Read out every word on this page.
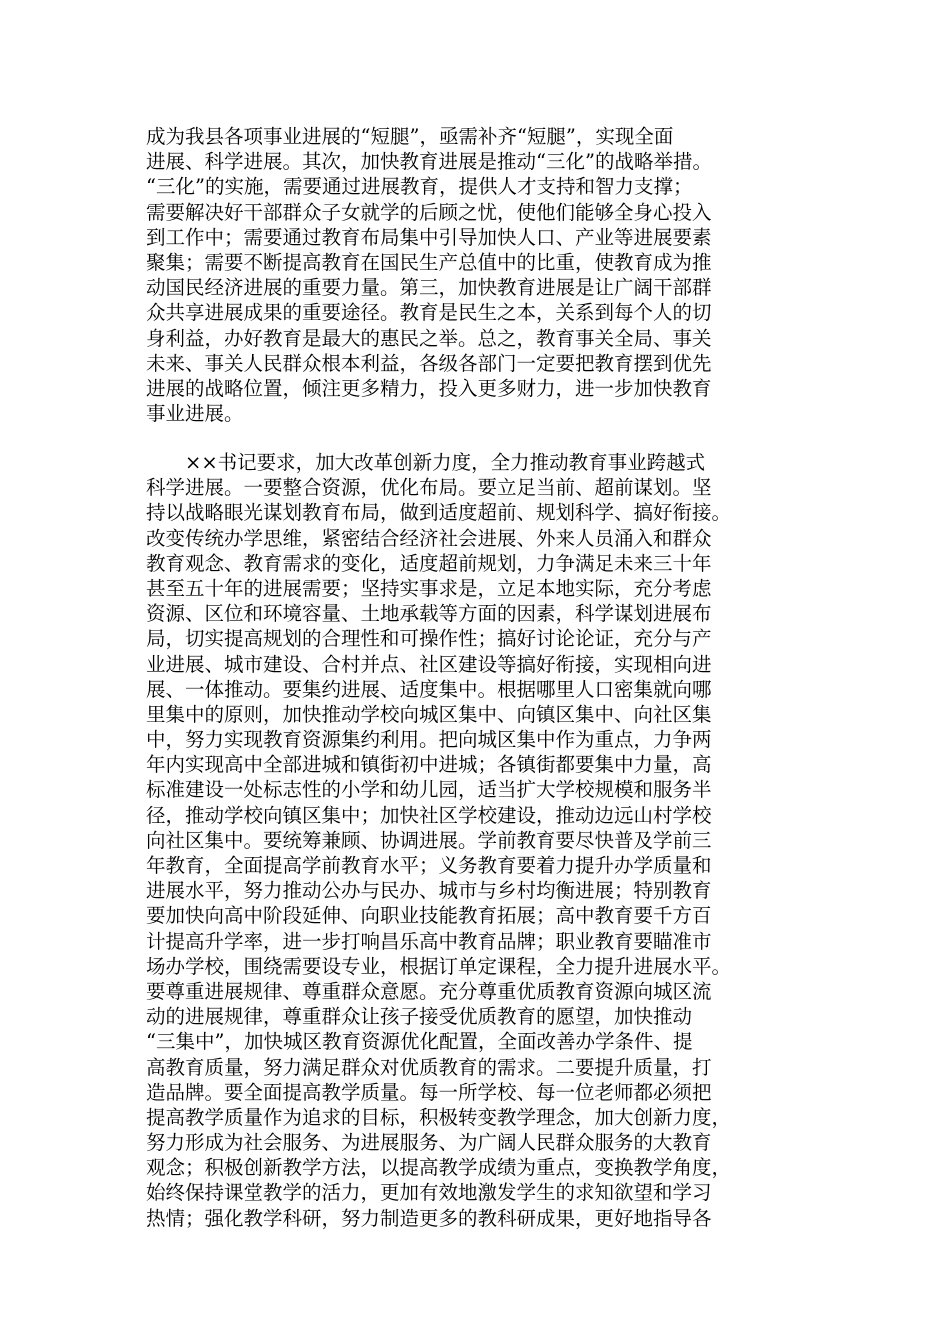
成为我县各项事业进展的“短腿”，亟需补齐“短腿”，实现全面
进展、科学进展。其次，加快教育进展是推动“三化”的战略举措。
“三化”的实施，需要通过进展教育，提供人才支持和智力支撑；
需要解决好干部群众子女就学的后顾之忧，使他们能够全身心投入
到工作中；需要通过教育布局集中引导加快人口、产业等进展要素
聚集；需要不断提高教育在国民生产总值中的比重，使教育成为推
动国民经济进展的重要力量。第三，加快教育进展是让广阔干部群
众共享进展成果的重要途径。教育是民生之本，关系到每个人的切
身利益，办好教育是最大的惠民之举。总之，教育事关全局、事关
未来、事关人民群众根本利益，各级各部门一定要把教育摆到优先
进展的战略位置，倾注更多精力，投入更多财力，进一步加快教育
事业进展。
　　××书记要求，加大改革创新力度，全力推动教育事业跨越式
科学进展。一要整合资源，优化布局。要立足当前、超前谋划。坚
持以战略眼光谋划教育布局，做到适度超前、规划科学、搞好衔接。
改变传统办学思维，紧密结合经济社会进展、外来人员涌入和群众
教育观念、教育需求的变化，适度超前规划，力争满足未来三十年
甚至五十年的进展需要；坚持实事求是，立足本地实际，充分考虑
资源、区位和环境容量、土地承载等方面的因素，科学谋划进展布
局，切实提高规划的合理性和可操作性；搞好讨论论证，充分与产
业进展、城市建设、合村并点、社区建设等搞好衔接，实现相向进
展、一体推动。要集约进展、适度集中。根据哪里人口密集就向哪
里集中的原则，加快推动学校向城区集中、向镇区集中、向社区集
中，努力实现教育资源集约利用。把向城区集中作为重点，力争两
年内实现高中全部进城和镇街初中进城；各镇街都要集中力量，高
标准建设一处标志性的小学和幼儿园，适当扩大学校规模和服务半
径，推动学校向镇区集中；加快社区学校建设，推动边远山村学校
向社区集中。要统筹兼顾、协调进展。学前教育要尽快普及学前三
年教育，全面提高学前教育水平；义务教育要着力提升办学质量和
进展水平，努力推动公办与民办、城市与乡村均衡进展；特别教育
要加快向高中阶段延伸、向职业技能教育拓展；高中教育要千方百
计提高升学率，进一步打响昌乐高中教育品牌；职业教育要瞄准市
场办学校，围绕需要设专业，根据订单定课程，全力提升进展水平。
要尊重进展规律、尊重群众意愿。充分尊重优质教育资源向城区流
动的进展规律，尊重群众让孩子接受优质教育的愿望，加快推动
“三集中”，加快城区教育资源优化配置，全面改善办学条件、提
高教育质量，努力满足群众对优质教育的需求。二要提升质量，打
造品牌。要全面提高教学质量。每一所学校、每一位老师都必须把
提高教学质量作为追求的目标，积极转变教学理念，加大创新力度，
努力形成为社会服务、为进展服务、为广阔人民群众服务的大教育
观念；积极创新教学方法，以提高教学成绩为重点，变换教学角度，
始终保持课堂教学的活力，更加有效地激发学生的求知欲望和学习
热情；强化教学科研，努力制造更多的教科研成果，更好地指导各
